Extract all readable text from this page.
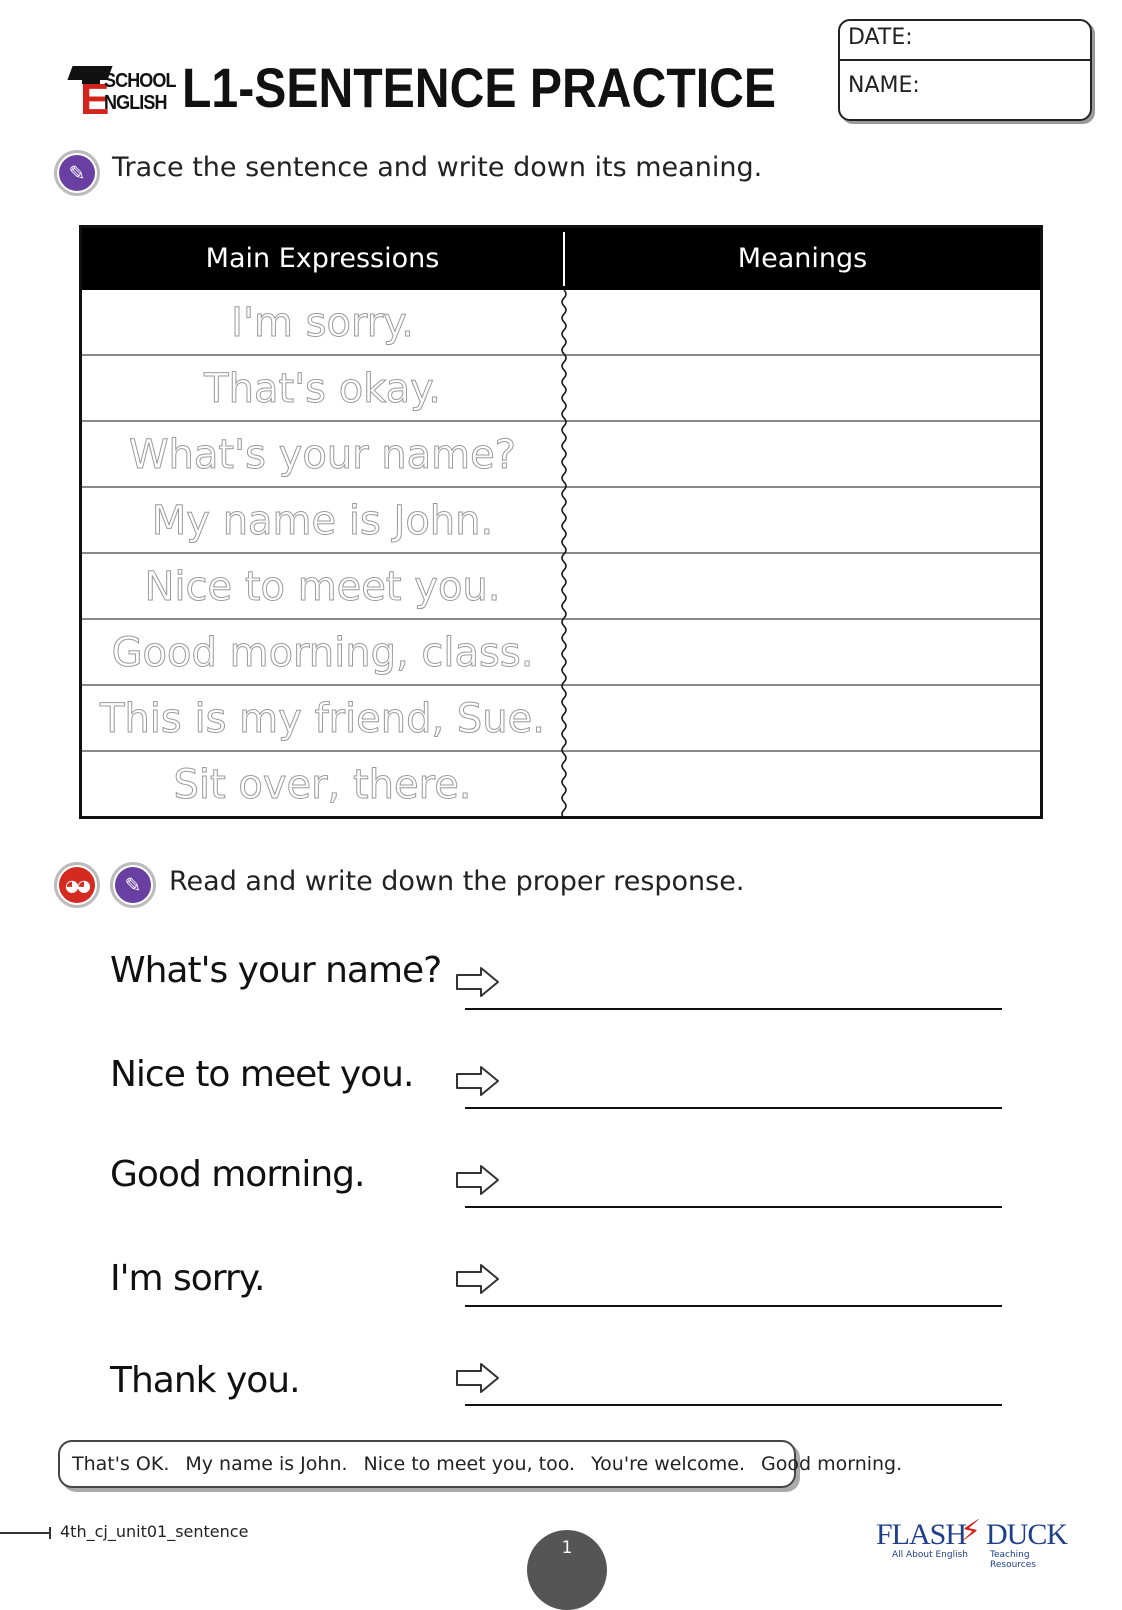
E
SCHOOL
NGLISH L1-SENTENCE PRACTICE
DATE:
NAME:
✎ Trace the sentence and write down its meaning.
Main Expressions	Meanings
I'm sorry.
That's okay.
What's your name?
My name is John.
Nice to meet you.
Good morning, class.
This is my friend, Sue.
Sit over, there.
◕◕	✎	Read and write down the proper response.
What's your name?
Nice to meet you.
Good morning.
I'm sorry.
Thank you.
That's OK. My name is John. Nice to meet you, too. You're welcome. Good morning.
4th_cj_unit01_sentence
1	FLASH
⚡ DUCK
All About English Teaching Resources
